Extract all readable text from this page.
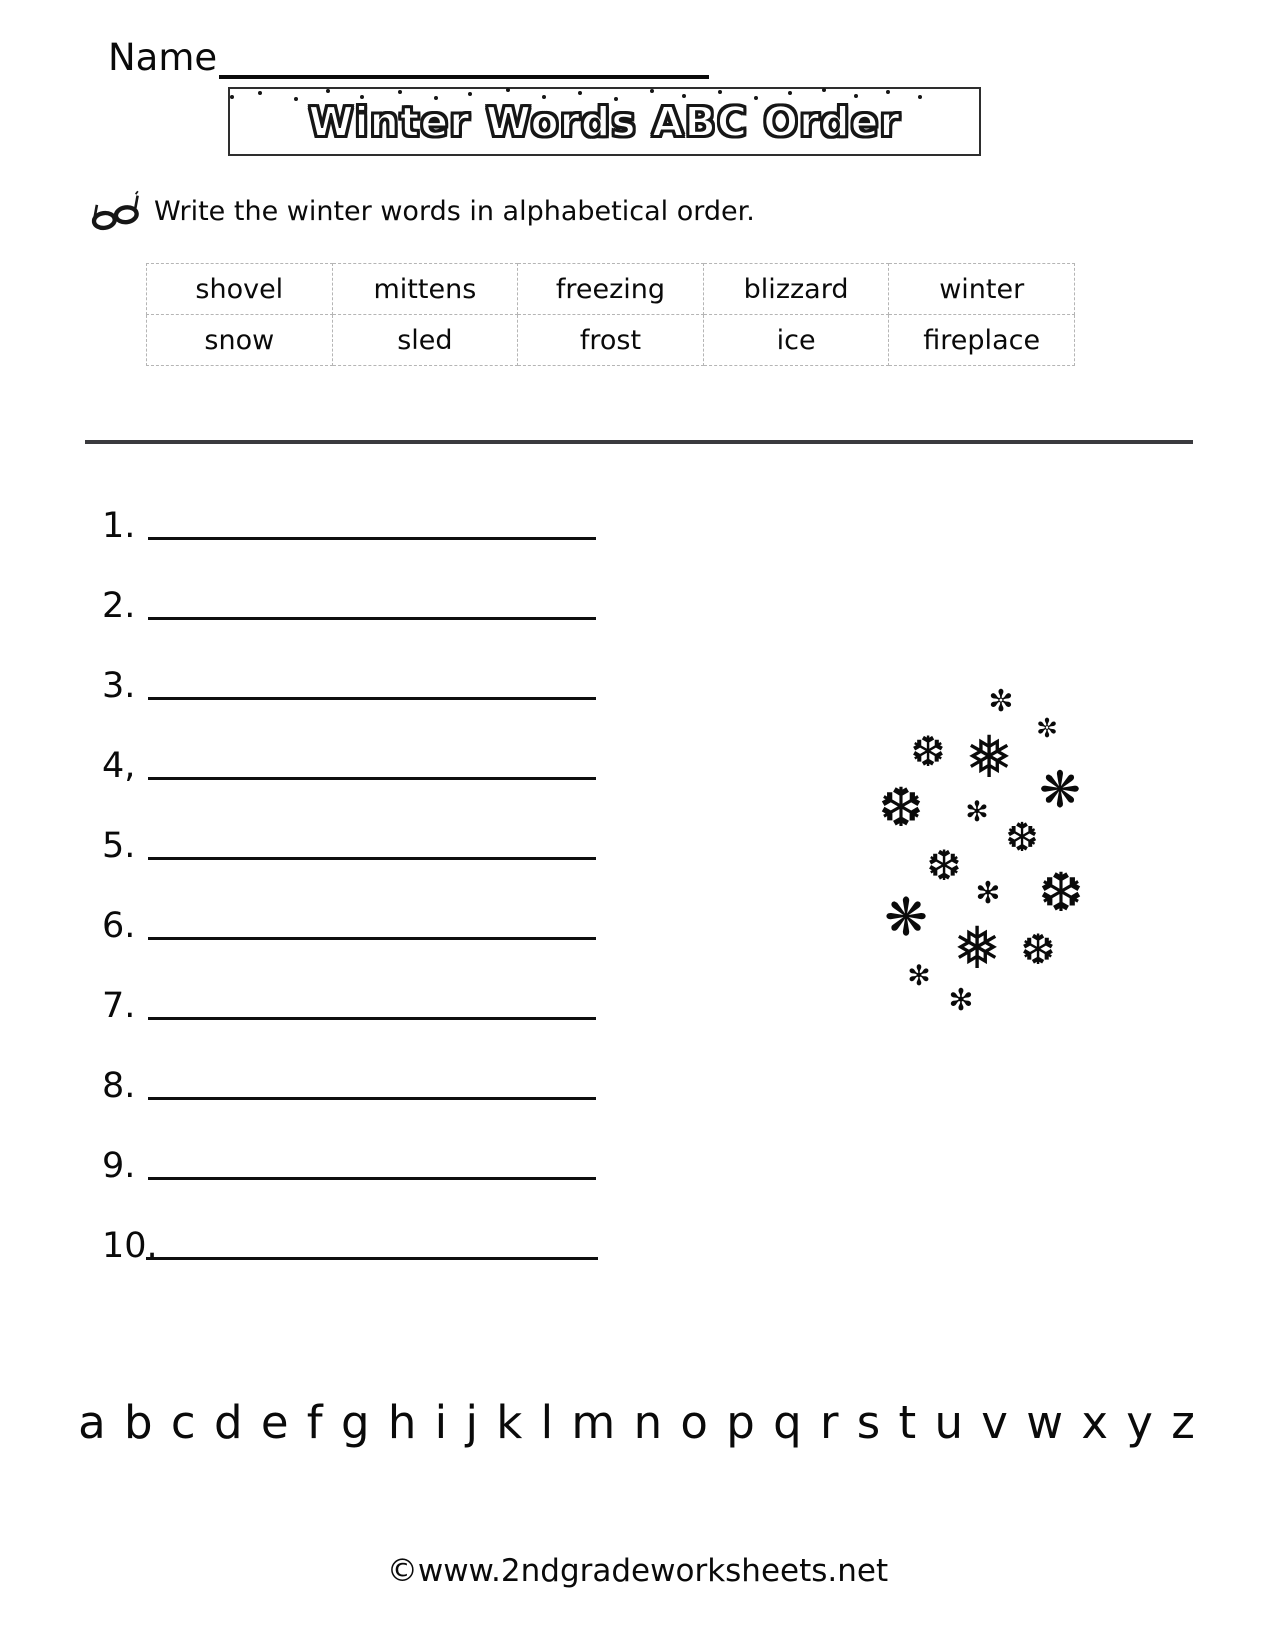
Name
Winter Words ABC Order
Write the winter words in alphabetical order.
shovel	mittens	freezing	blizzard	winter
snow	sled	frost	ice	fireplace
1.
2.
3.
4,
5.
6.
7.
8.
9.
10.
✼
✼
❆ ❅ ❋
❆ ✻
❆
❆
✻ ❆
❋ ❅ ❆
✻
✻
a b c d e f g h i j k l m n o p q r s t u v w x y z
©www.2ndgradeworksheets.net
